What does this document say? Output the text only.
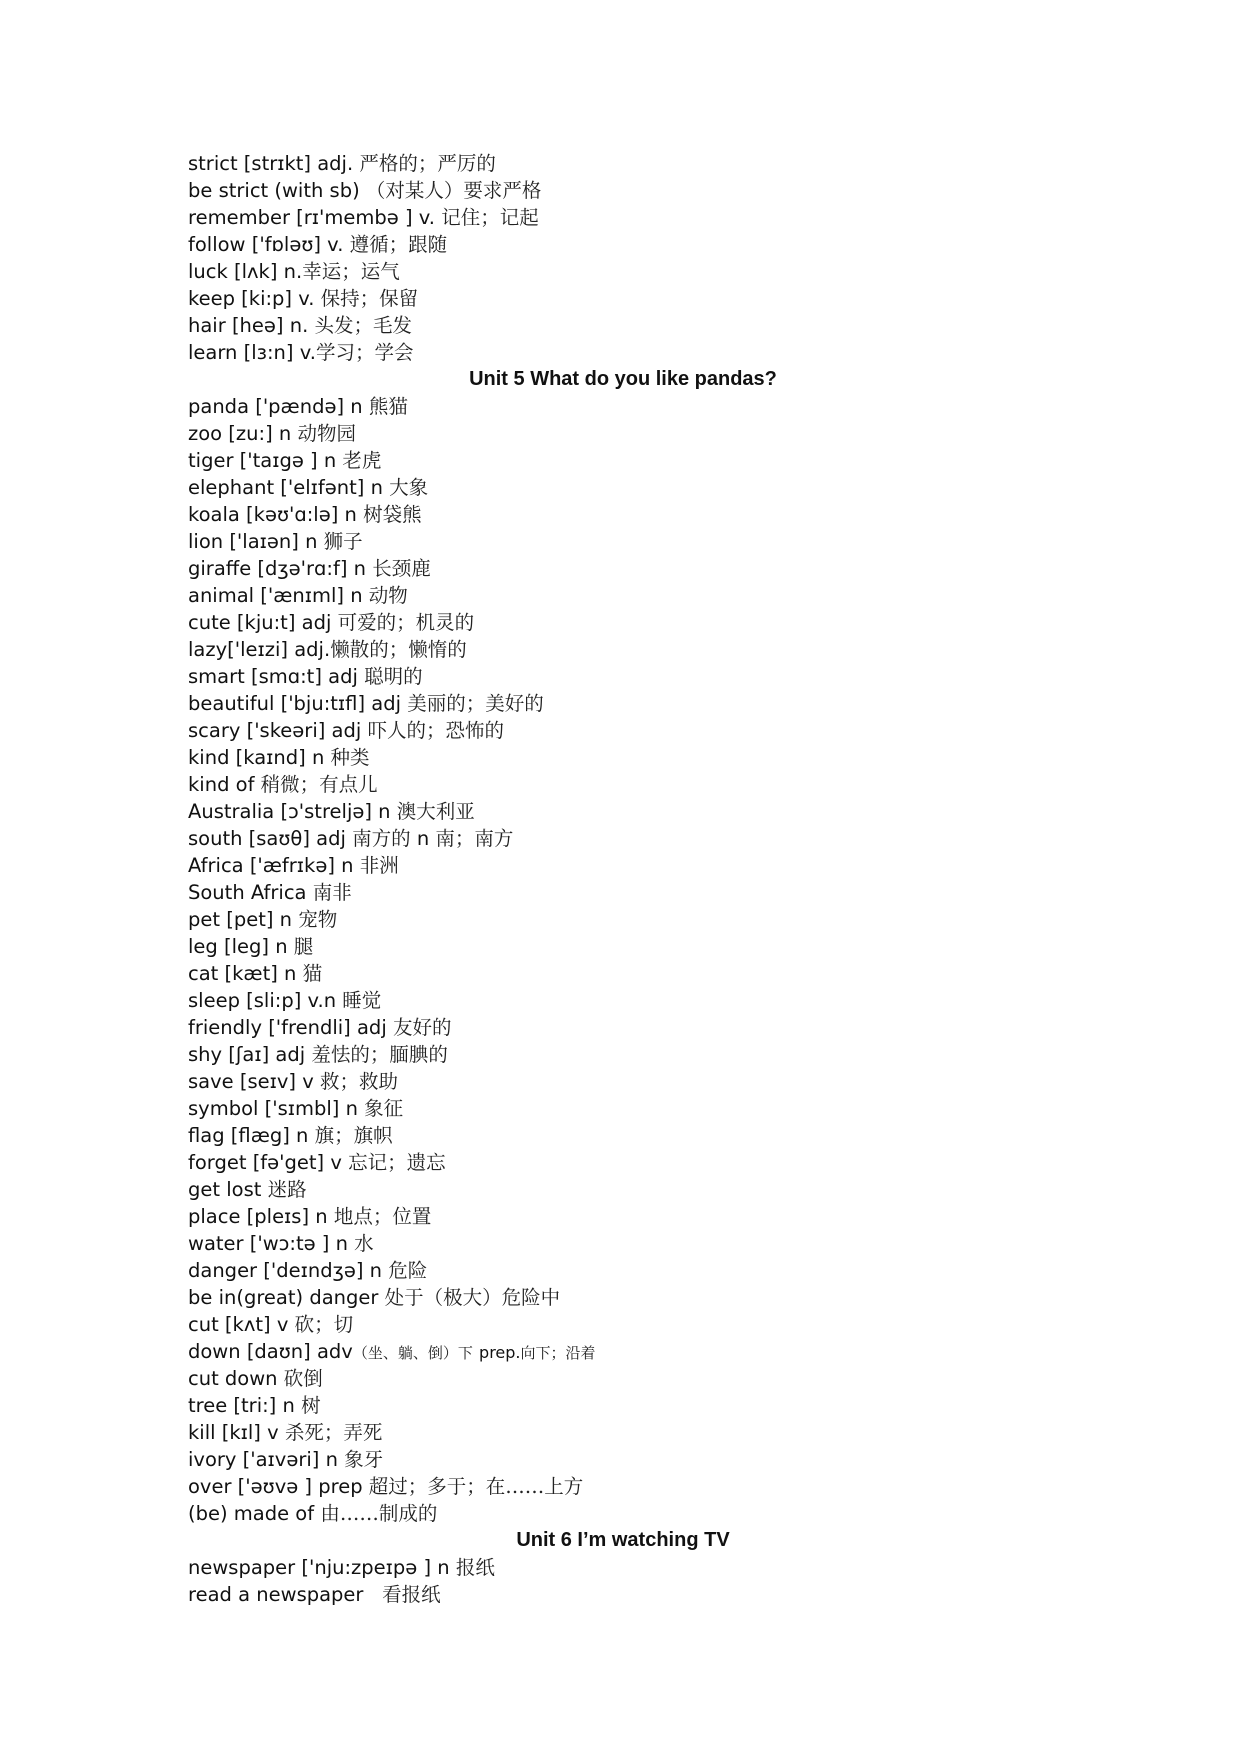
strict [strɪkt] adj. 严格的；严厉的
be strict (with sb) （对某人）要求严格
remember [rɪ'membə ] v. 记住；记起
follow ['fɒləʊ] v. 遵循；跟随
luck [lʌk] n.幸运；运气
keep [ki:p] v. 保持；保留
hair [heə] n. 头发；毛发
learn [lɜ:n] v.学习；学会
Unit 5 What do you like pandas?
panda ['pændə] n 熊猫
zoo [zu:] n 动物园
tiger ['taɪgə ] n 老虎
elephant ['elɪfənt] n 大象
koala [kəʊ'ɑ:lə] n 树袋熊
lion ['laɪən] n 狮子
giraffe [dʒə'rɑ:f] n 长颈鹿
animal ['ænɪml] n 动物
cute [kju:t] adj 可爱的；机灵的
lazy['leɪzi] adj.懒散的；懒惰的
smart [smɑ:t] adj 聪明的
beautiful ['bju:tɪfl] adj 美丽的；美好的
scary ['skeəri] adj 吓人的；恐怖的
kind [kaɪnd] n 种类
kind of 稍微；有点儿
Australia [ɔ'streljə] n 澳大利亚
south [saʊθ] adj 南方的 n 南；南方
Africa ['æfrɪkə] n 非洲
South Africa 南非
pet [pet] n 宠物
leg [leg] n 腿
cat [kæt] n 猫
sleep [sli:p] v.n 睡觉
friendly ['frendli] adj 友好的
shy [ʃaɪ] adj 羞怯的；腼腆的
save [seɪv] v 救；救助
symbol ['sɪmbl] n 象征
flag [flæg] n 旗；旗帜
forget [fə'get] v 忘记；遗忘
get lost 迷路
place [pleɪs] n 地点；位置
water ['wɔ:tə ] n 水
danger ['deɪndʒə] n 危险
be in(great) danger 处于（极大）危险中
cut [kʌt] v 砍；切
down [daʊn] adv（坐、躺、倒）下 prep.向下；沿着
cut down 砍倒
tree [tri:] n 树
kill [kɪl] v 杀死；弄死
ivory ['aɪvəri] n 象牙
over ['əʊvə ] prep 超过；多于；在……上方
(be) made of 由……制成的
Unit 6 I’m watching TV
newspaper ['nju:zpeɪpə ] n 报纸
read a newspaper 看报纸
